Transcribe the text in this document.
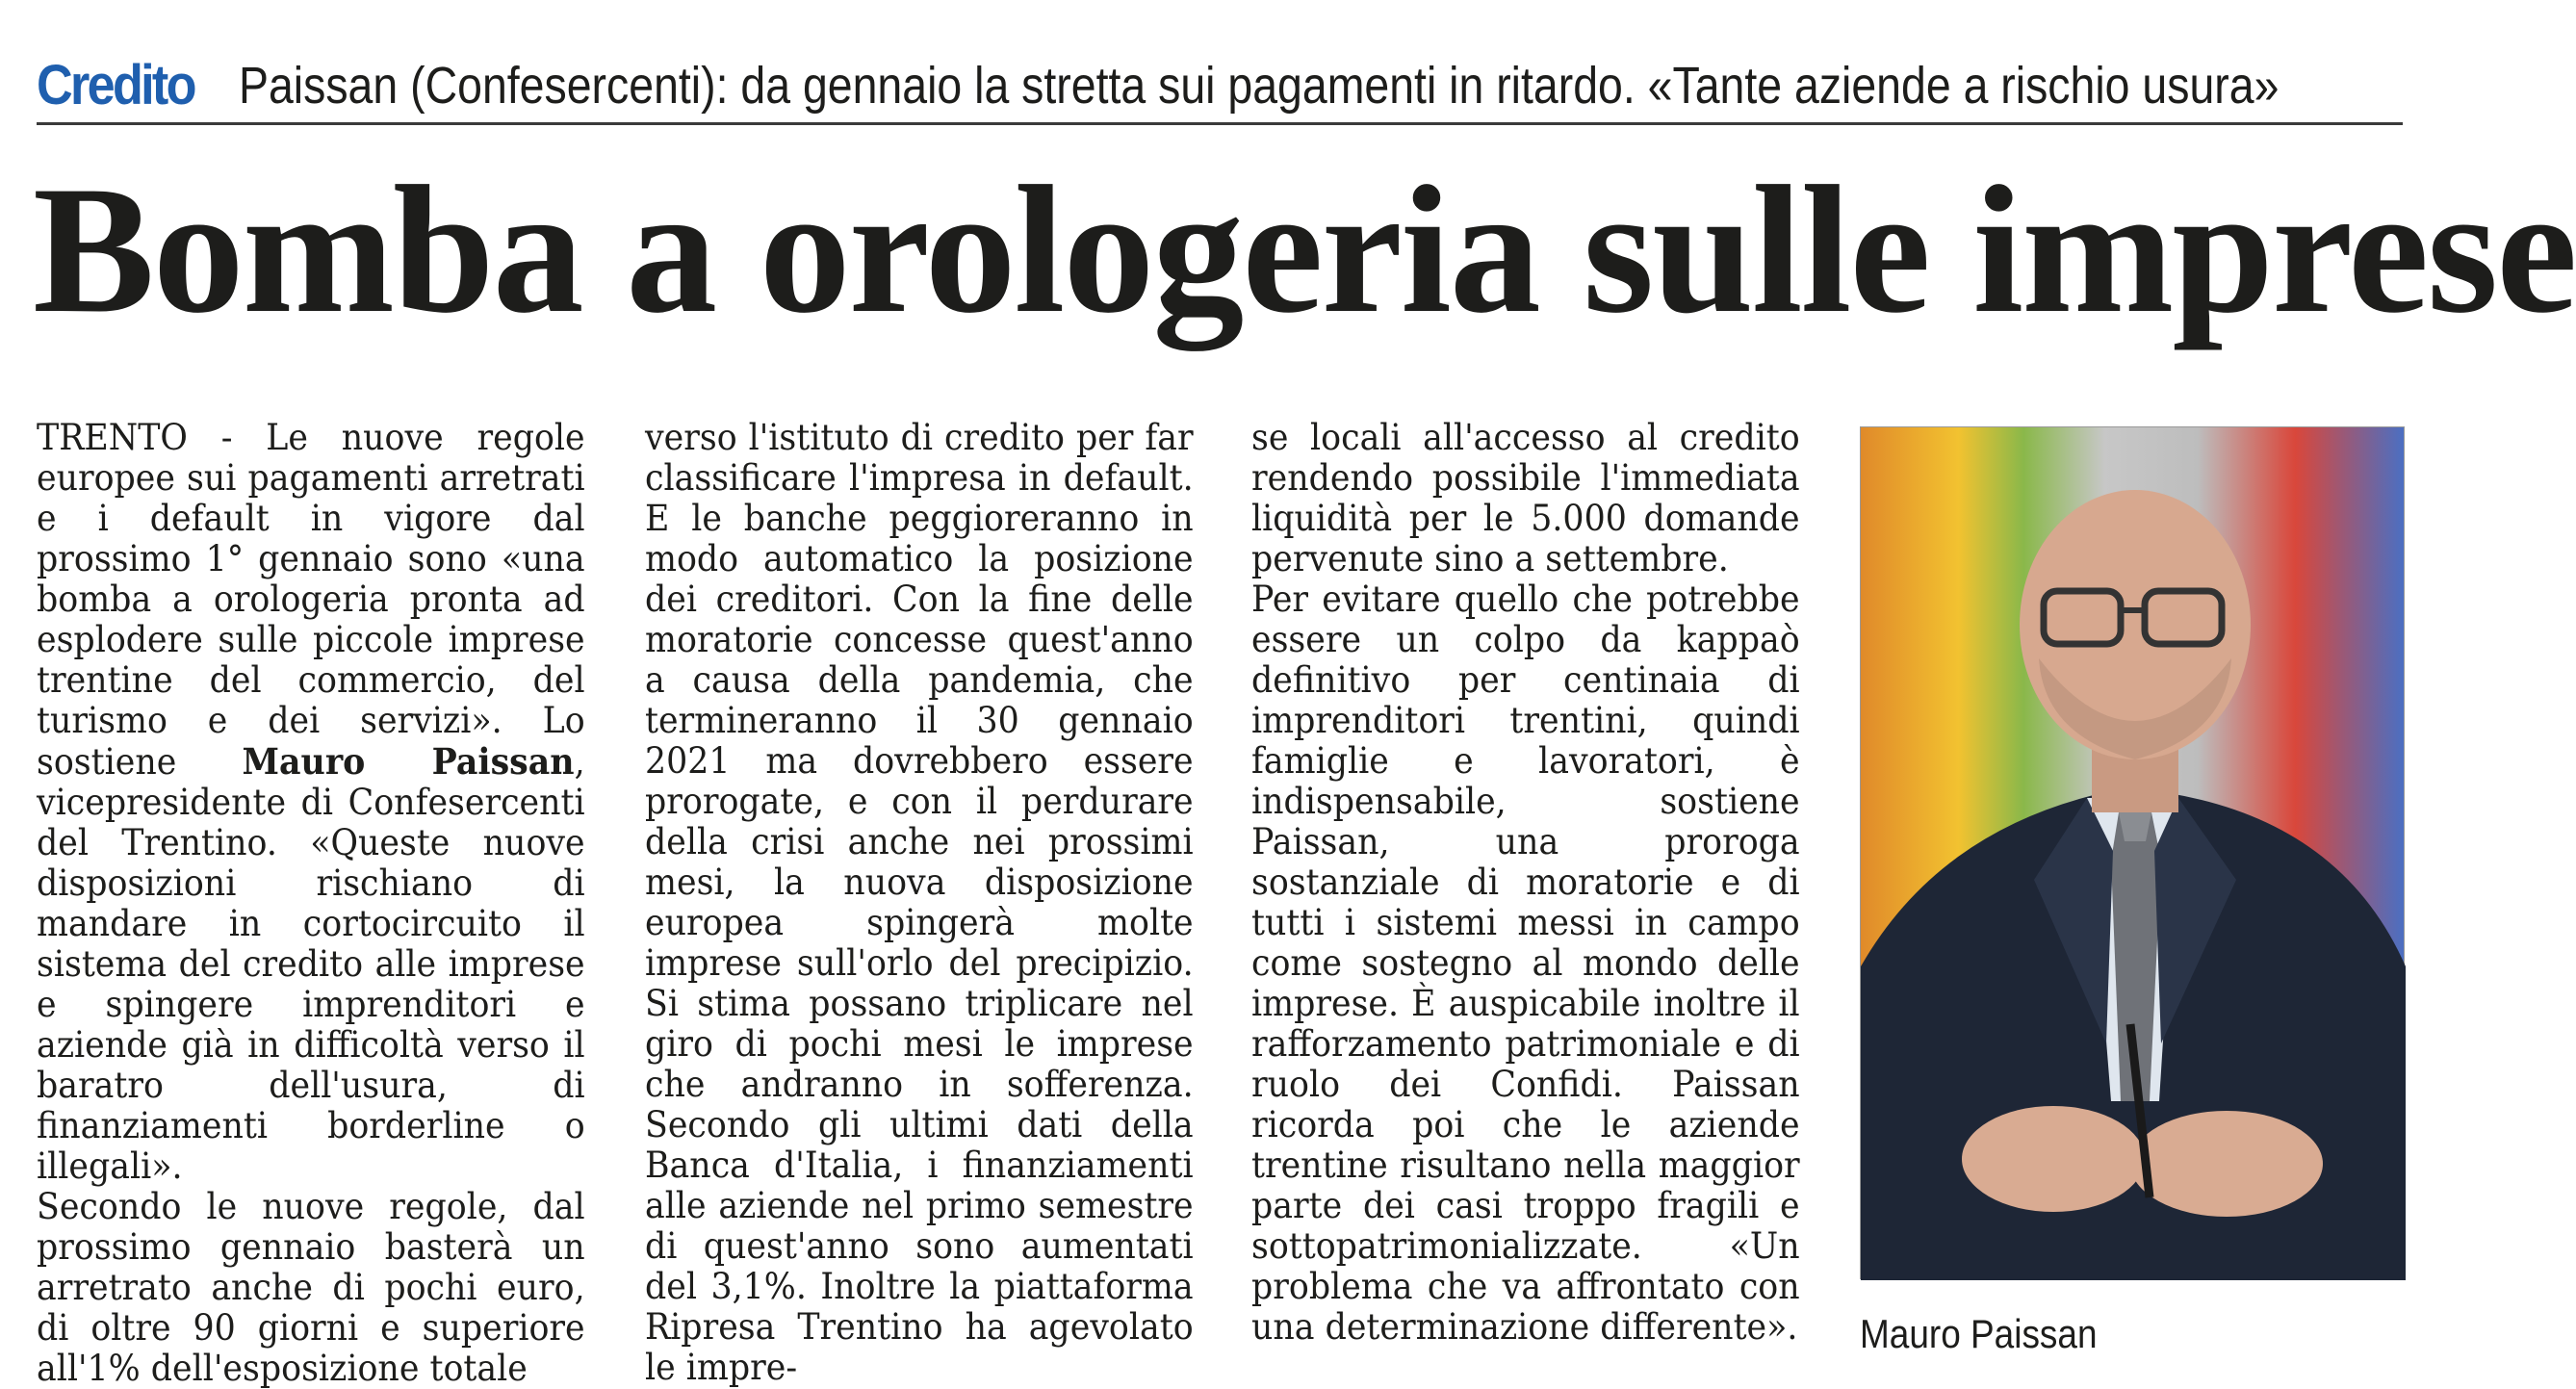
Credito Paissan (Confesercenti): da gennaio la stretta sui pagamenti in ritardo. «Tante aziende a rischio usura»
Bomba a orologeria sulle imprese

TRENTO - Le nuove regole europee sui pagamenti arretrati e i default in vigore dal prossimo 1° gennaio sono «una bomba a orologeria pronta ad esplodere sulle piccole imprese trentine del commercio, del turismo e dei servizi». Lo sostiene Mauro Paissan, vicepresidente di Confesercenti del Trentino. «Queste nuove disposizioni rischiano di mandare in cortocircuito il sistema del credito alle imprese e spingere imprenditori e aziende già in difficoltà verso il baratro dell'usura, di finanziamenti borderline o illegali».

Secondo le nuove regole, dal prossimo gennaio basterà un arretrato anche di pochi euro, di oltre 90 giorni e superiore all'1% dell'esposizione totale

verso l'istituto di credito per far classificare l'impresa in default. E le banche peggioreranno in modo automatico la posizione dei creditori. Con la fine delle moratorie concesse quest'anno a causa della pandemia, che termineranno il 30 gennaio 2021 ma dovrebbero essere prorogate, e con il perdurare della crisi anche nei prossimi mesi, la nuova disposizione europea spingerà molte imprese sull'orlo del precipizio. Si stima possano triplicare nel giro di pochi mesi le imprese che andranno in sofferenza. Secondo gli ultimi dati della Banca d'Italia, i finanziamenti alle aziende nel primo semestre di quest'anno sono aumentati del 3,1%. Inoltre la piattaforma Ripresa Trentino ha agevolato le impre-

se locali all'accesso al credito rendendo possibile l'immediata liquidità per le 5.000 domande pervenute sino a settembre.

Per evitare quello che potrebbe essere un colpo da kappaò definitivo per centinaia di imprenditori trentini, quindi famiglie e lavoratori, è indispensabile, sostiene Paissan, una proroga sostanziale di moratorie e di tutti i sistemi messi in campo come sostegno al mondo delle imprese. È auspicabile inoltre il rafforzamento patrimoniale e di ruolo dei Confidi. Paissan ricorda poi che le aziende trentine risultano nella maggior parte dei casi troppo fragili e sottopatrimonializzate. «Un problema che va affrontato con una determinazione differente». Mauro Paissan
